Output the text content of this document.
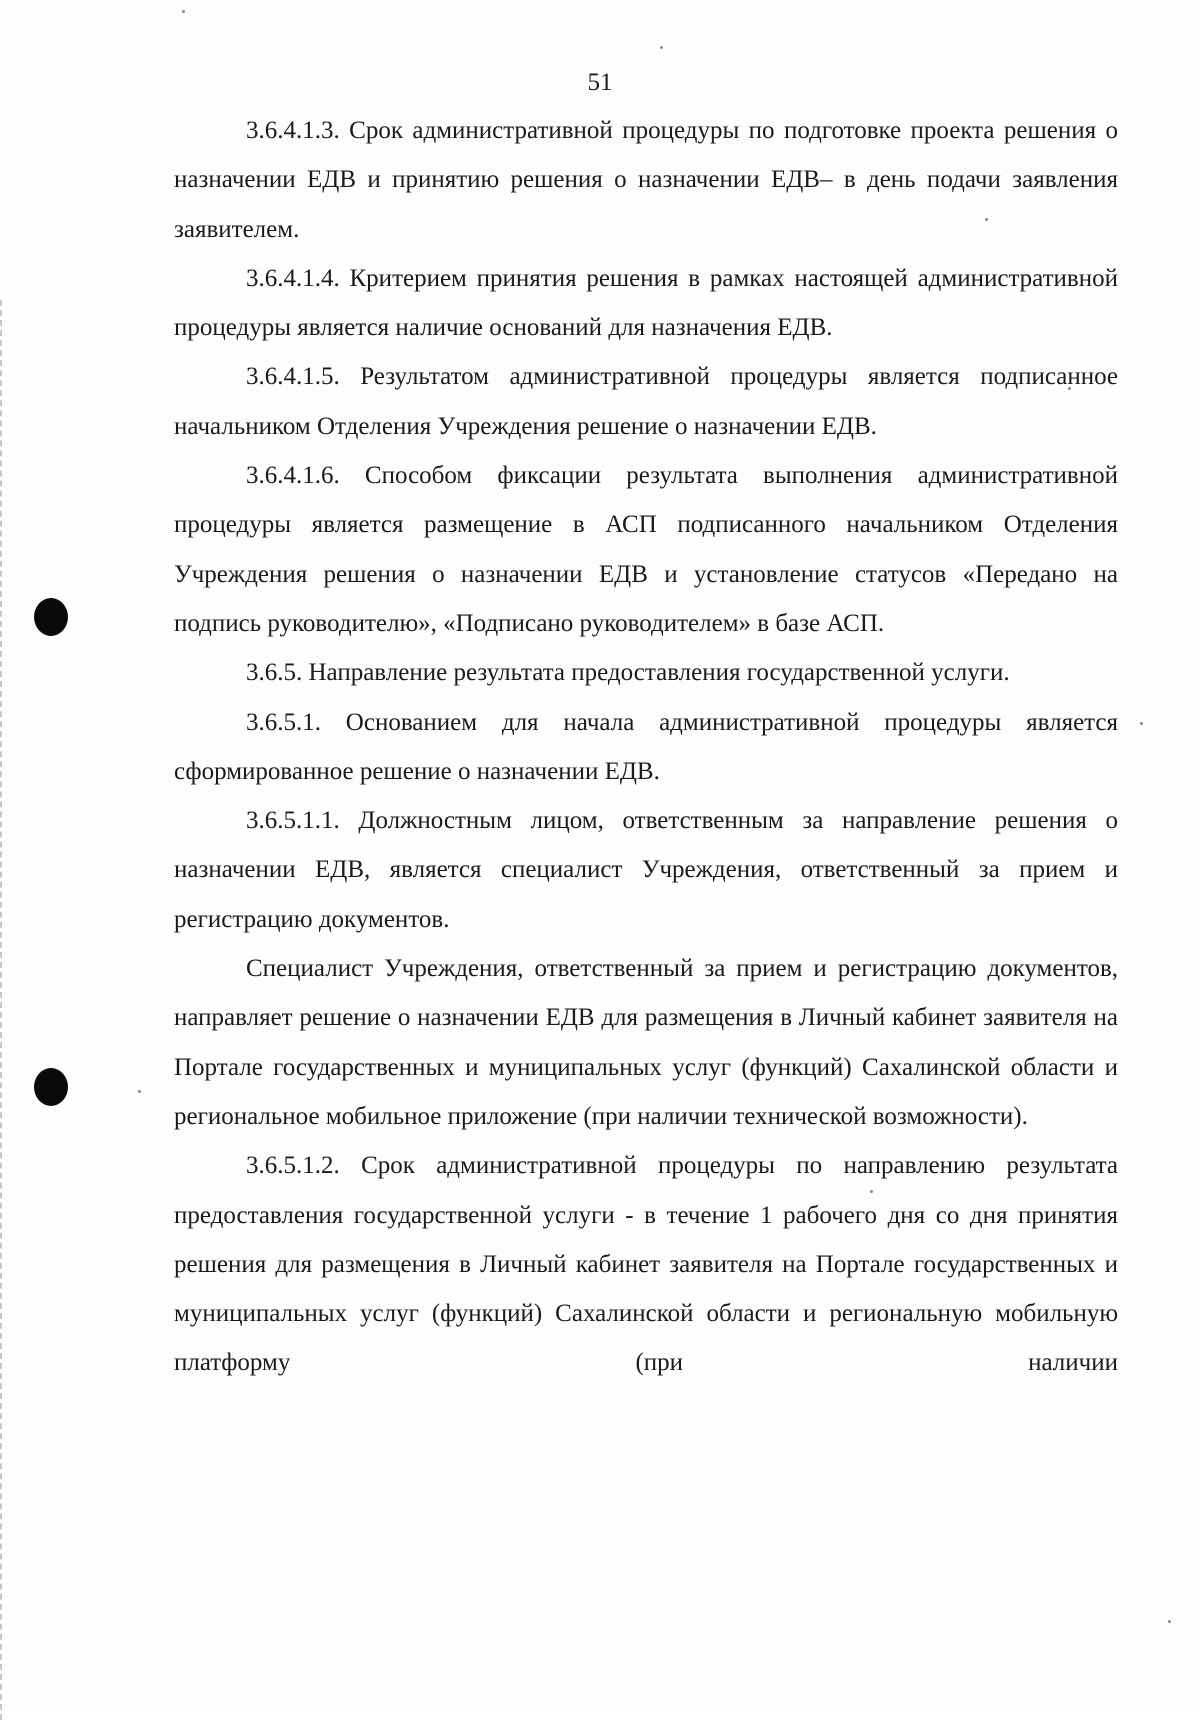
51

3.6.4.1.3. Срок административной процедуры по подготовке проекта решения о назначении ЕДВ и принятию решения о назначении ЕДВ– в день подачи заявления заявителем.

3.6.4.1.4. Критерием принятия решения в рамках настоящей административной процедуры является наличие оснований для назначения ЕДВ.

3.6.4.1.5. Результатом административной процедуры является подписанное начальником Отделения Учреждения решение о назначении ЕДВ.

3.6.4.1.6. Способом фиксации результата выполнения административной процедуры является размещение в АСП подписанного начальником Отделения Учреждения решения о назначении ЕДВ и установление статусов «Передано на подпись руководителю», «Подписано руководителем» в базе АСП.

3.6.5. Направление результата предоставления государственной услуги.

3.6.5.1. Основанием для начала административной процедуры является сформированное решение о назначении ЕДВ.

3.6.5.1.1. Должностным лицом, ответственным за направление решения о назначении ЕДВ, является специалист Учреждения, ответственный за прием и регистрацию документов.

Специалист Учреждения, ответственный за прием и регистрацию документов, направляет решение о назначении ЕДВ для размещения в Личный кабинет заявителя на Портале государственных и муниципальных услуг (функций) Сахалинской области и региональное мобильное приложение (при наличии технической возможности).

3.6.5.1.2. Срок административной процедуры по направлению результата предоставления государственной услуги - в течение 1 рабочего дня со дня принятия решения для размещения в Личный кабинет заявителя на Портале государственных и муниципальных услуг (функций) Сахалинской области и региональную мобильную платформу (при наличии
